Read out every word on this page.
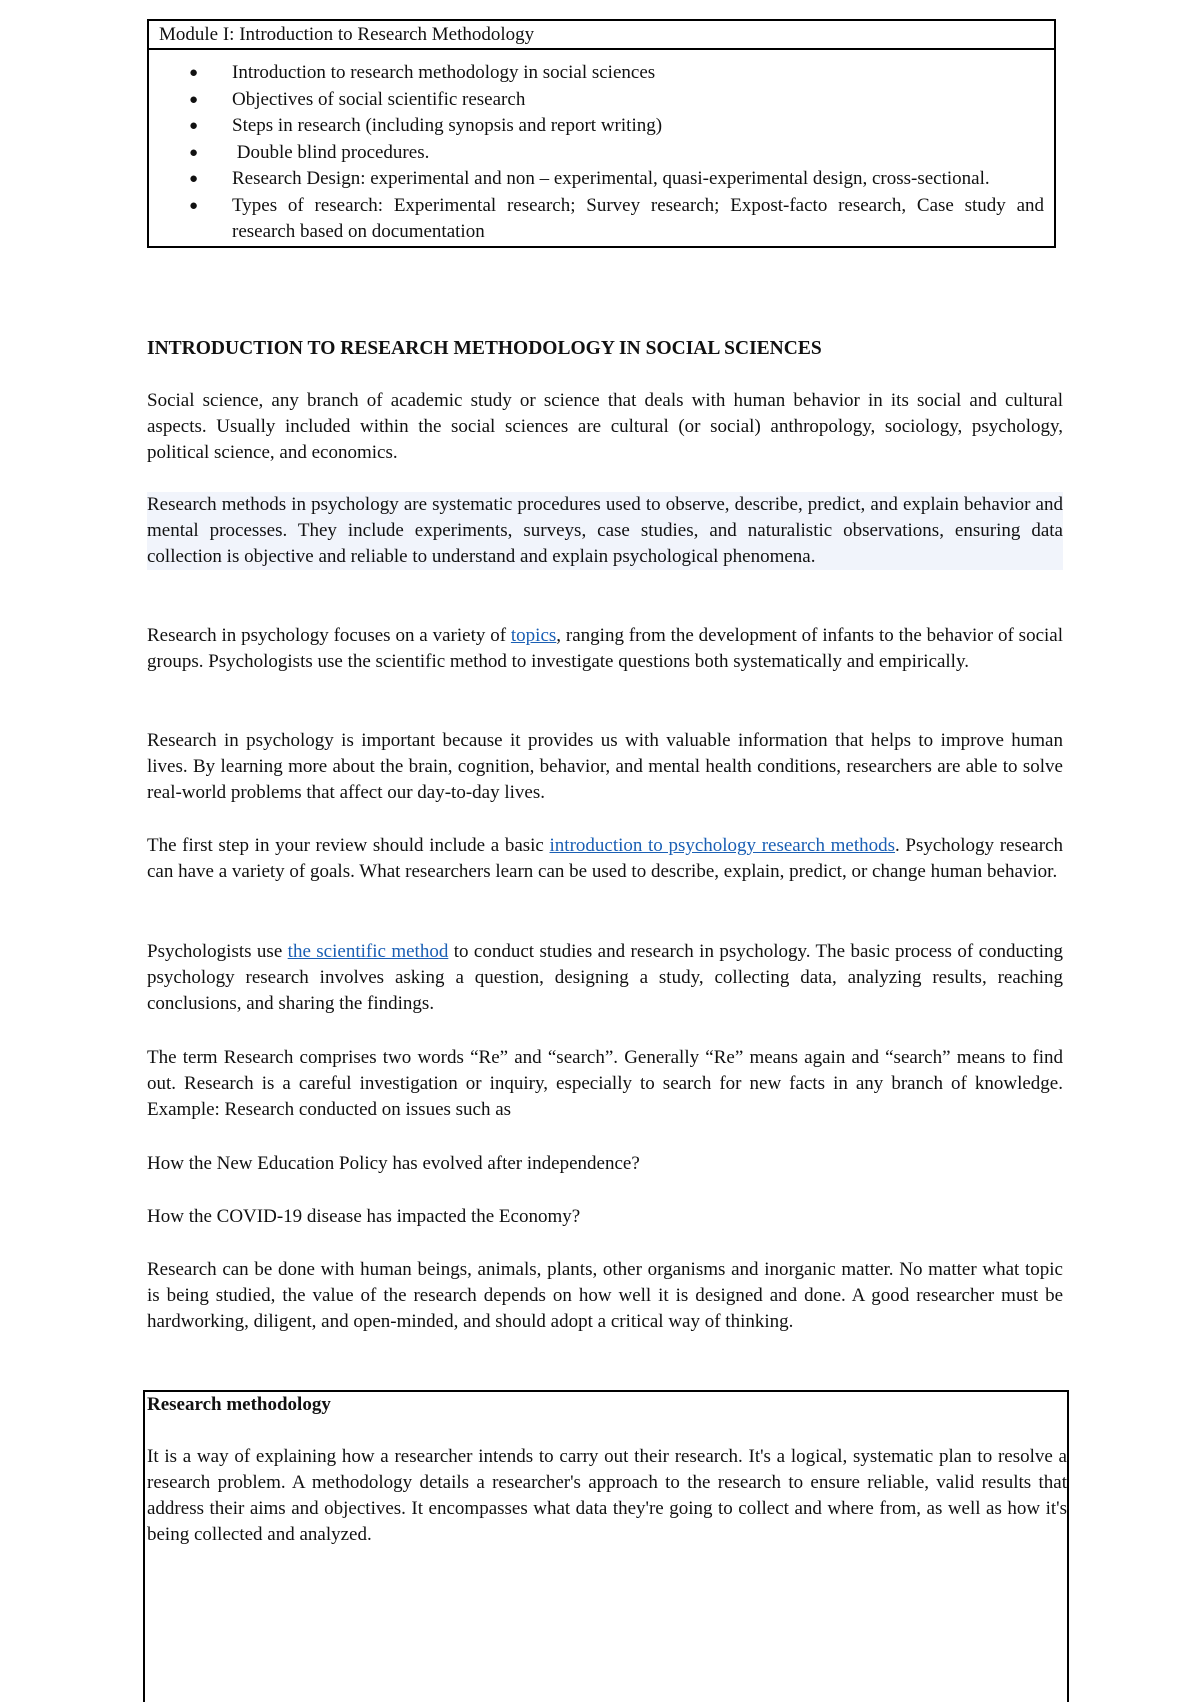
Module I: Introduction to Research Methodology
● Introduction to research methodology in social sciences
● Objectives of social scientific research
● Steps in research (including synopsis and report writing)
● Double blind procedures.
● Research Design: experimental and non – experimental, quasi-experimental design, cross-sectional.
● Types of research: Experimental research; Survey research; Expost-facto research, Case study and research based on documentation
INTRODUCTION TO RESEARCH METHODOLOGY IN SOCIAL SCIENCES

Social science, any branch of academic study or science that deals with human behavior in its social and cultural aspects. Usually included within the social sciences are cultural (or social) anthropology, sociology, psychology, political science, and economics.

Research methods in psychology are systematic procedures used to observe, describe, predict, and explain behavior and mental processes. They include experiments, surveys, case studies, and naturalistic observations, ensuring data collection is objective and reliable to understand and explain psychological phenomena.

Research in psychology focuses on a variety of topics, ranging from the development of infants to the behavior of social groups. Psychologists use the scientific method to investigate questions both systematically and empirically.

Research in psychology is important because it provides us with valuable information that helps to improve human lives. By learning more about the brain, cognition, behavior, and mental health conditions, researchers are able to solve real-world problems that affect our day-to-day lives.

The first step in your review should include a basic introduction to psychology research methods. Psychology research can have a variety of goals. What researchers learn can be used to describe, explain, predict, or change human behavior.

Psychologists use the scientific method to conduct studies and research in psychology. The basic process of conducting psychology research involves asking a question, designing a study, collecting data, analyzing results, reaching conclusions, and sharing the findings.

The term Research comprises two words “Re” and “search”. Generally “Re” means again and “search” means to find out. Research is a careful investigation or inquiry, especially to search for new facts in any branch of knowledge. Example: Research conducted on issues such as

How the New Education Policy has evolved after independence?

How the COVID-19 disease has impacted the Economy?

Research can be done with human beings, animals, plants, other organisms and inorganic matter. No matter what topic is being studied, the value of the research depends on how well it is designed and done. A good researcher must be hardworking, diligent, and open-minded, and should adopt a critical way of thinking.

Research methodology

It is a way of explaining how a researcher intends to carry out their research. It's a logical, systematic plan to resolve a research problem. A methodology details a researcher's approach to the research to ensure reliable, valid results that address their aims and objectives. It encompasses what data they're going to collect and where from, as well as how it's being collected and analyzed.
